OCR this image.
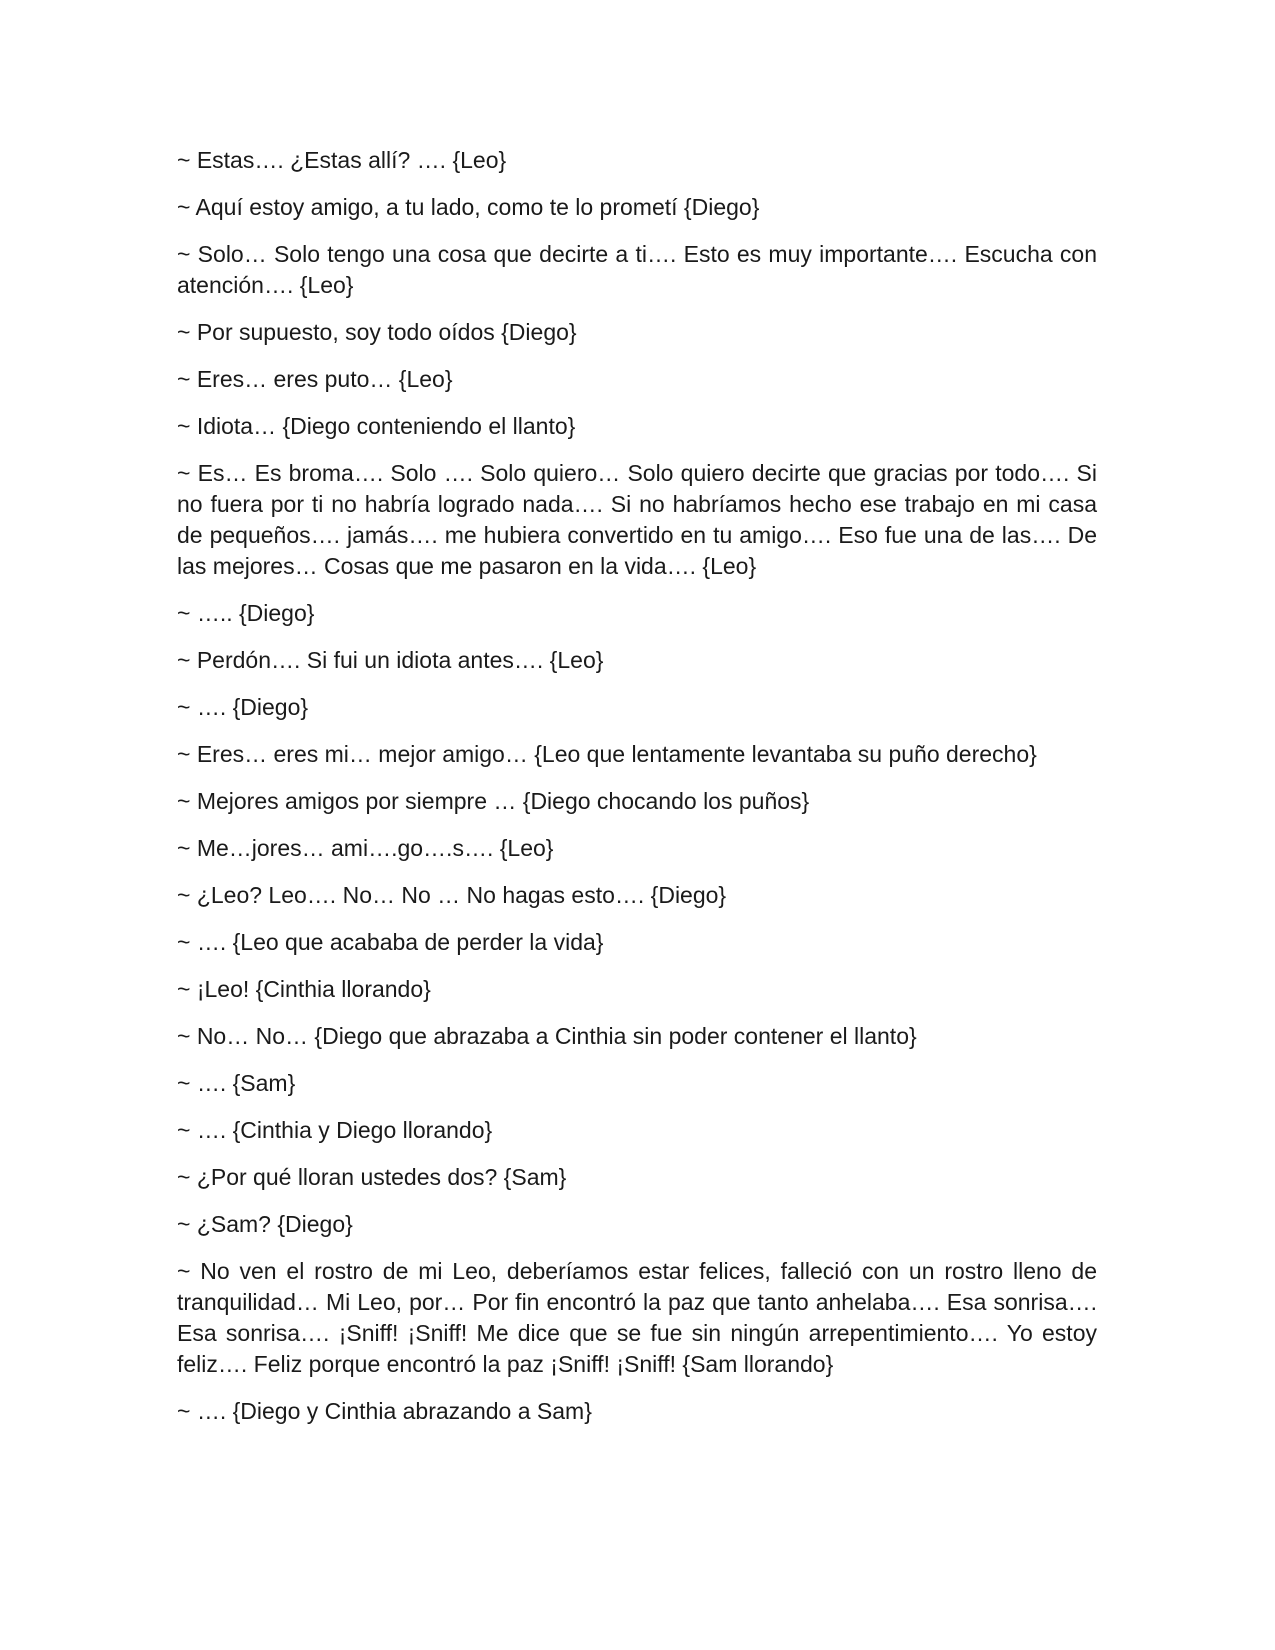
~ Estas…. ¿Estas allí? …. {Leo}

~ Aquí estoy amigo, a tu lado, como te lo prometí {Diego}

~ Solo… Solo tengo una cosa que decirte a ti…. Esto es muy importante…. Escucha con atención…. {Leo}

~ Por supuesto, soy todo oídos {Diego}

~ Eres… eres puto… {Leo}

~ Idiota… {Diego conteniendo el llanto}

~ Es… Es broma…. Solo …. Solo quiero… Solo quiero decirte que gracias por todo…. Si no fuera por ti no habría logrado nada…. Si no habríamos hecho ese trabajo en mi casa de pequeños…. jamás…. me hubiera convertido en tu amigo…. Eso fue una de las…. De las mejores… Cosas que me pasaron en la vida…. {Leo}

~ ….. {Diego}

~ Perdón…. Si fui un idiota antes…. {Leo}

~ …. {Diego}

~ Eres… eres mi… mejor amigo… {Leo que lentamente levantaba su puño derecho}

~ Mejores amigos por siempre … {Diego chocando los puños}

~ Me…jores… ami….go….s…. {Leo}

~ ¿Leo? Leo…. No… No … No hagas esto…. {Diego}

~ …. {Leo que acababa de perder la vida}

~ ¡Leo! {Cinthia llorando}

~ No… No… {Diego que abrazaba a Cinthia sin poder contener el llanto}

~ …. {Sam}

~ …. {Cinthia y Diego llorando}

~ ¿Por qué lloran ustedes dos? {Sam}

~ ¿Sam? {Diego}

~ No ven el rostro de mi Leo, deberíamos estar felices, falleció con un rostro lleno de tranquilidad… Mi Leo, por… Por fin encontró la paz que tanto anhelaba…. Esa sonrisa…. Esa sonrisa…. ¡Sniff! ¡Sniff! Me dice que se fue sin ningún arrepentimiento…. Yo estoy feliz…. Feliz porque encontró la paz ¡Sniff! ¡Sniff! {Sam llorando}

~ …. {Diego y Cinthia abrazando a Sam}
